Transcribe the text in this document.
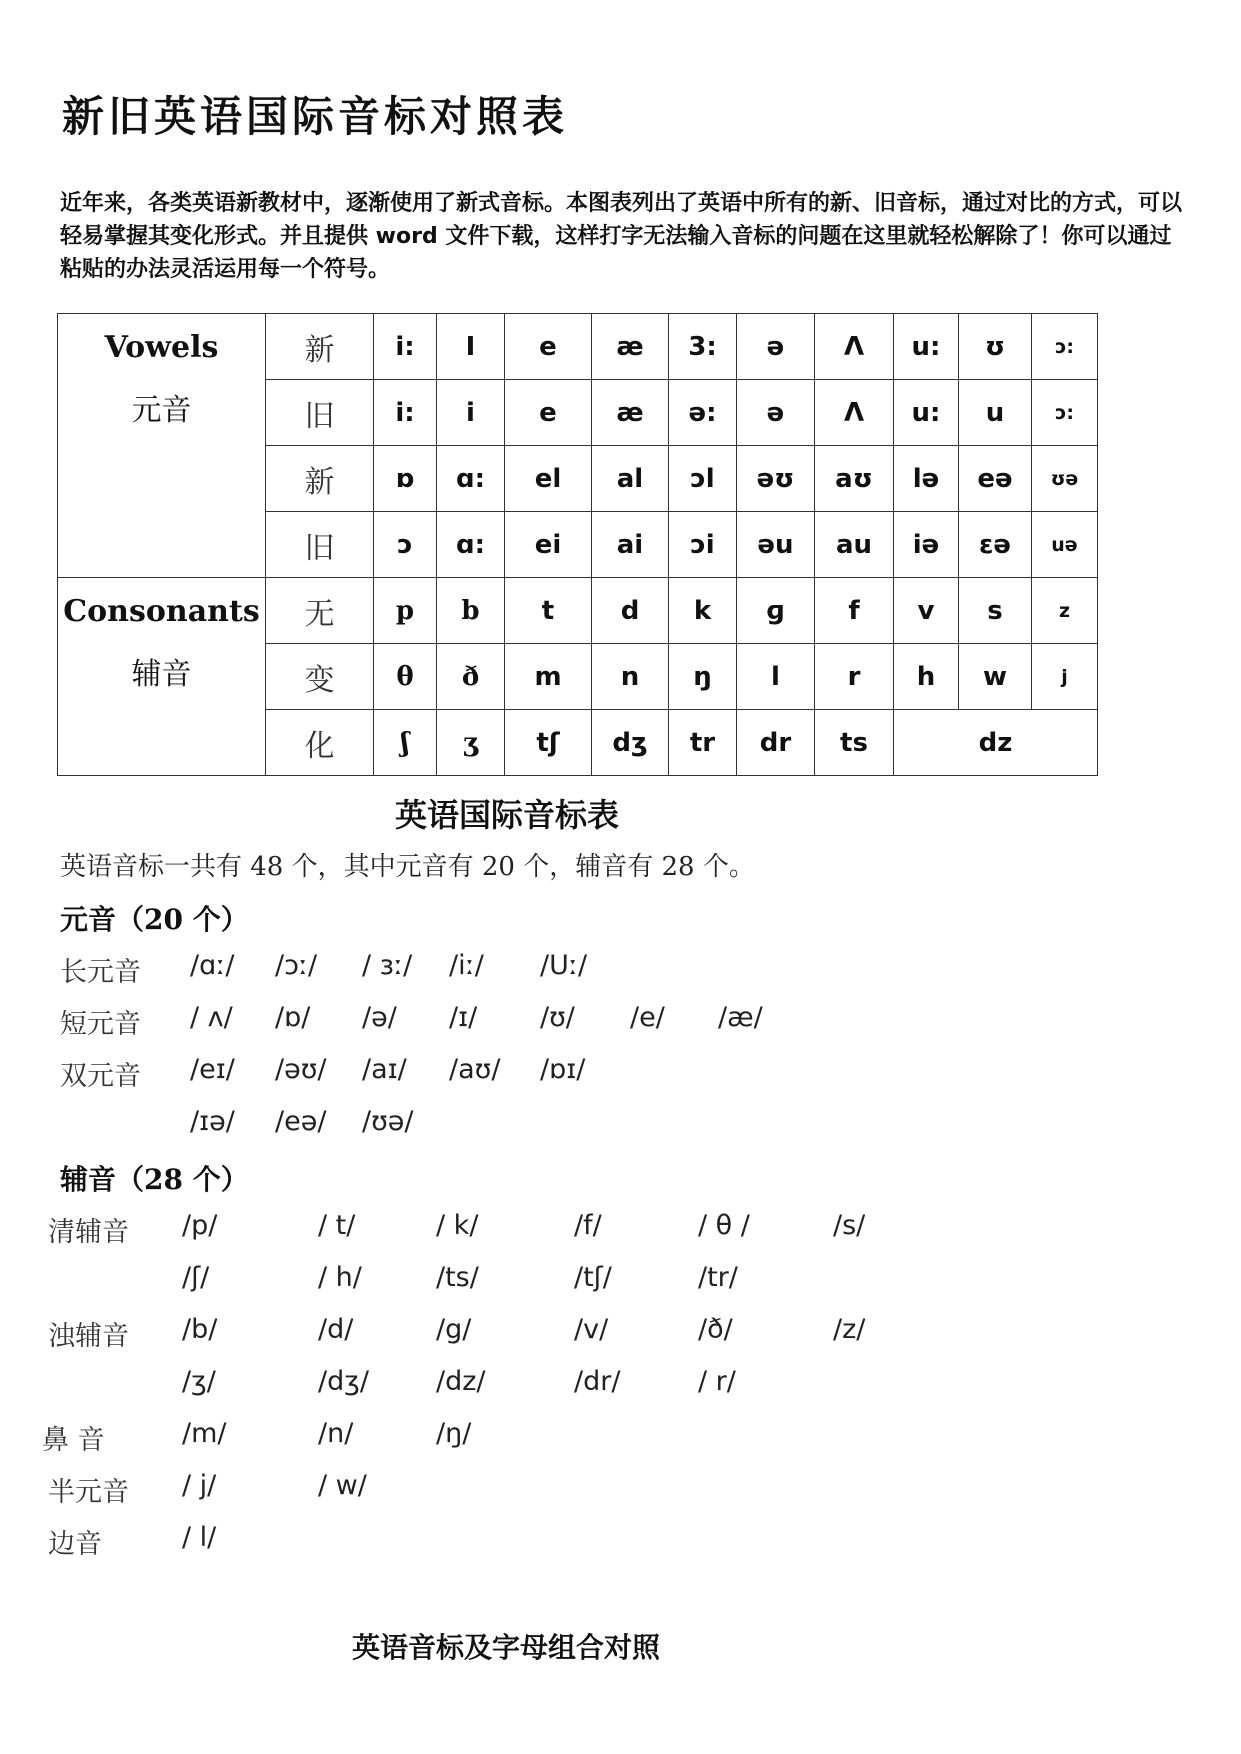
新旧英语国际音标对照表
近年来，各类英语新教材中，逐渐使用了新式音标。本图表列出了英语中所有的新、旧音标，通过对比的方式，可以轻易掌握其变化形式。并且提供 word 文件下载，这样打字无法输入音标的问题在这里就轻松解除了！你可以通过粘贴的办法灵活运用每一个符号。
Vowels
元音	新	i:	I	e	æ	3:	ə	Λ	u:	ʊ	ɔ:
	旧	i:	i	e	æ	ə:	ə	Λ	u:	u	ɔ:
	新	ɒ	ɑ:	el	al	ɔl	əʊ	aʊ	lə	eə	ʊə
	旧	ɔ	ɑ:	ei	ai	ɔi	əu	au	iə	εə	uə
Consonants
辅音	无	p	b	t	d	k	ɡ	f	v	s	z
	变	θ	ð	m	n	ŋ	l	r	h	w	j
	化	ʃ	ʒ	tʃ	dʒ	tr	dr	ts	dz		
英语国际音标表
英语音标一共有 48 个，其中元音有 20 个，辅音有 28 个。
元音（20 个）
长元音 /ɑː/ /ɔː/ / ɜː/ /iː/ /Uː/
短元音 / ʌ/ /ɒ/ /ə/ /ɪ/ /ʊ/ /e/ /æ/
双元音 /eɪ/ /əʊ/ /aɪ/ /aʊ/ /ɒɪ/
/ɪə/ /eə/ /ʊə/
辅音（28 个）
清辅音 /p/	/ t/	/ k/	/f/	/ θ /	/s/
/ʃ/	/ h/	/ts/	/tʃ/	/tr/
浊辅音 /b/	/d/	/g/	/v/	/ð/	/z/
/ʒ/	/dʒ/ /dz/	/dr/	/ r/
鼻 音	/m/	/n/	/ŋ/
半元音 / j/	/ w/
边音	/ l/
英语音标及字母组合对照
